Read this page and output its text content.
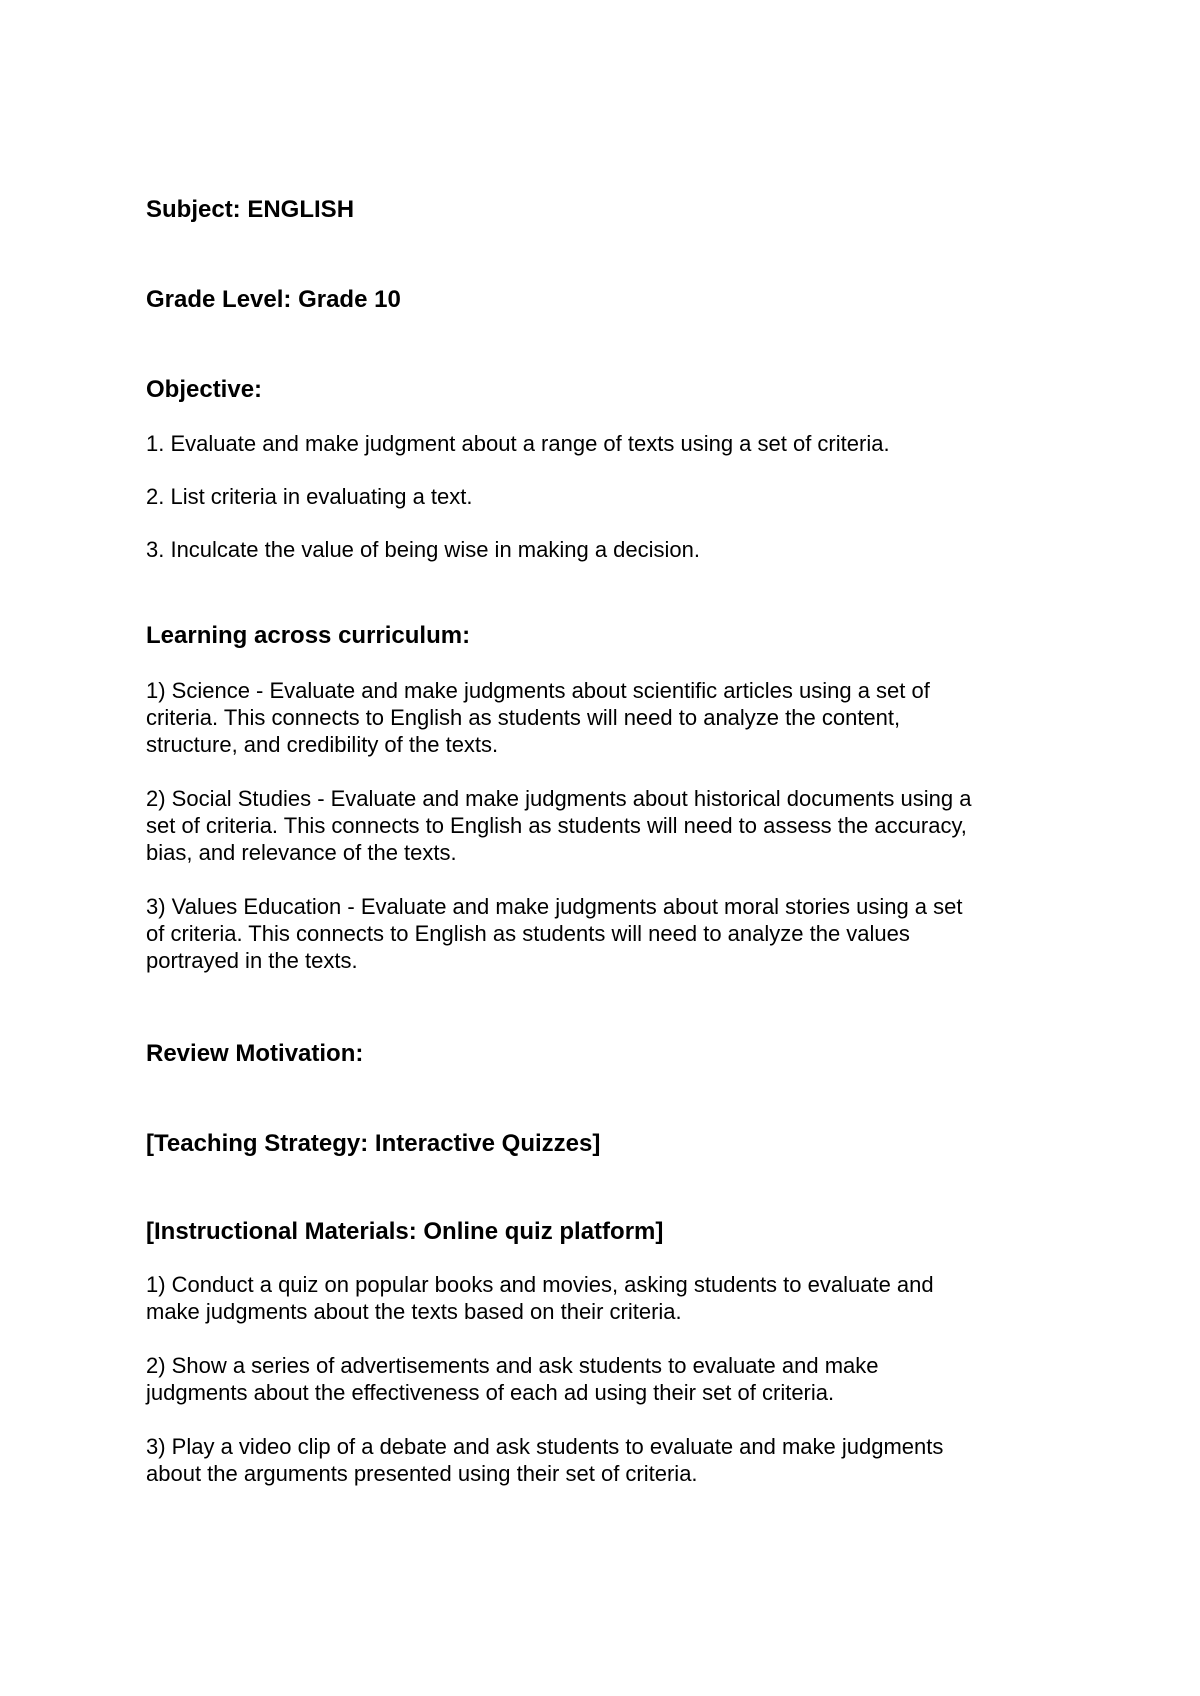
Subject: ENGLISH

Grade Level: Grade 10

Objective:

1. Evaluate and make judgment about a range of texts using a set of criteria.

2. List criteria in evaluating a text.

3. Inculcate the value of being wise in making a decision.

Learning across curriculum:

1) Science - Evaluate and make judgments about scientific articles using a set of

criteria. This connects to English as students will need to analyze the content,

structure, and credibility of the texts.

2) Social Studies - Evaluate and make judgments about historical documents using a

set of criteria. This connects to English as students will need to assess the accuracy,

bias, and relevance of the texts.

3) Values Education - Evaluate and make judgments about moral stories using a set

of criteria. This connects to English as students will need to analyze the values

portrayed in the texts.

Review Motivation:

[Teaching Strategy: Interactive Quizzes]

[Instructional Materials: Online quiz platform]

1) Conduct a quiz on popular books and movies, asking students to evaluate and

make judgments about the texts based on their criteria.

2) Show a series of advertisements and ask students to evaluate and make

judgments about the effectiveness of each ad using their set of criteria.

3) Play a video clip of a debate and ask students to evaluate and make judgments

about the arguments presented using their set of criteria.
